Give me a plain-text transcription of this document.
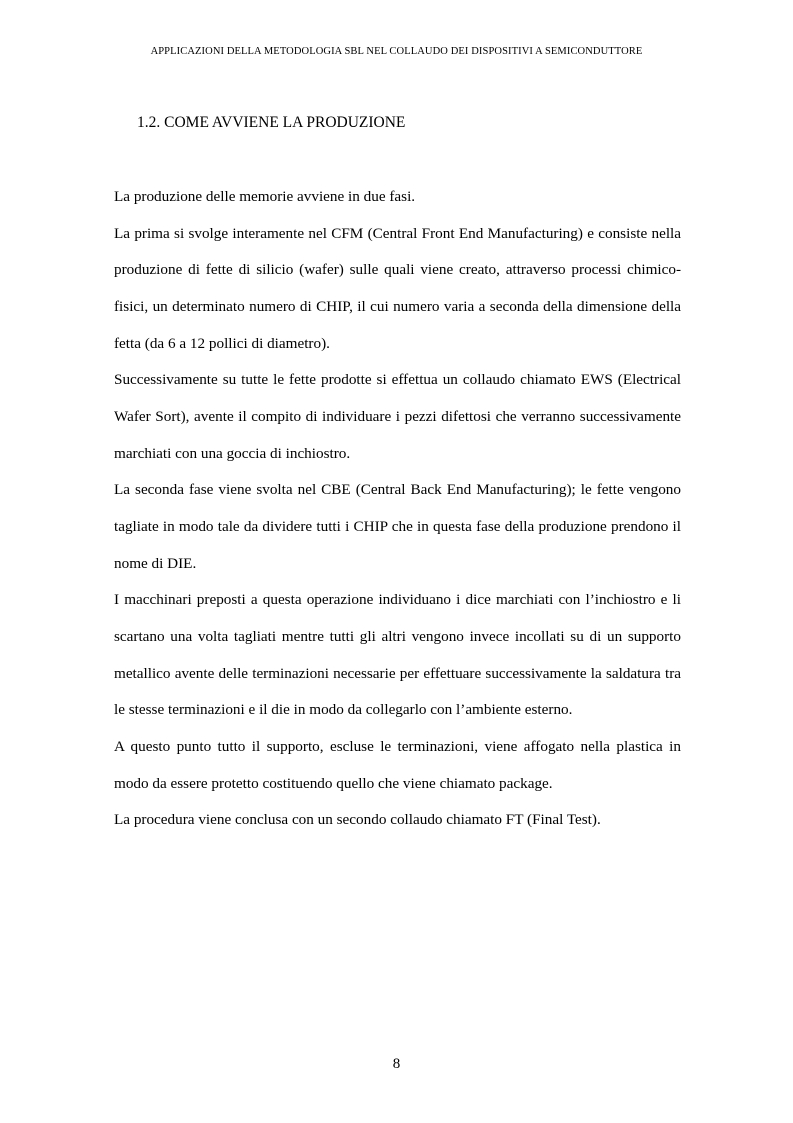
APPLICAZIONI DELLA METODOLOGIA SBL NEL COLLAUDO DEI DISPOSITIVI A SEMICONDUTTORE
1.2. COME AVVIENE LA PRODUZIONE

La produzione delle memorie avviene in due fasi.

La prima si svolge interamente nel CFM (Central Front End Manufacturing) e consiste nella produzione di fette di silicio (wafer) sulle quali viene creato, attraverso processi chimico-fisici, un determinato numero di CHIP, il cui numero varia a seconda della dimensione della fetta (da 6 a 12 pollici di diametro).

Successivamente su tutte le fette prodotte si effettua un collaudo chiamato EWS (Electrical Wafer Sort), avente il compito di individuare i pezzi difettosi che verranno successivamente marchiati con una goccia di inchiostro.

La seconda fase viene svolta nel CBE (Central Back End Manufacturing); le fette vengono tagliate in modo tale da dividere tutti i CHIP che in questa fase della produzione prendono il nome di DIE.

I macchinari preposti a questa operazione individuano i dice marchiati con l’inchiostro e li scartano una volta tagliati mentre tutti gli altri vengono invece incollati su di un supporto metallico avente delle terminazioni necessarie per effettuare successivamente la saldatura tra le stesse terminazioni e il die in modo da collegarlo con l’ambiente esterno.

A questo punto tutto il supporto, escluse le terminazioni, viene affogato nella plastica in modo da essere protetto costituendo quello che viene chiamato package.

La procedura viene conclusa con un secondo collaudo chiamato FT (Final Test).

8
